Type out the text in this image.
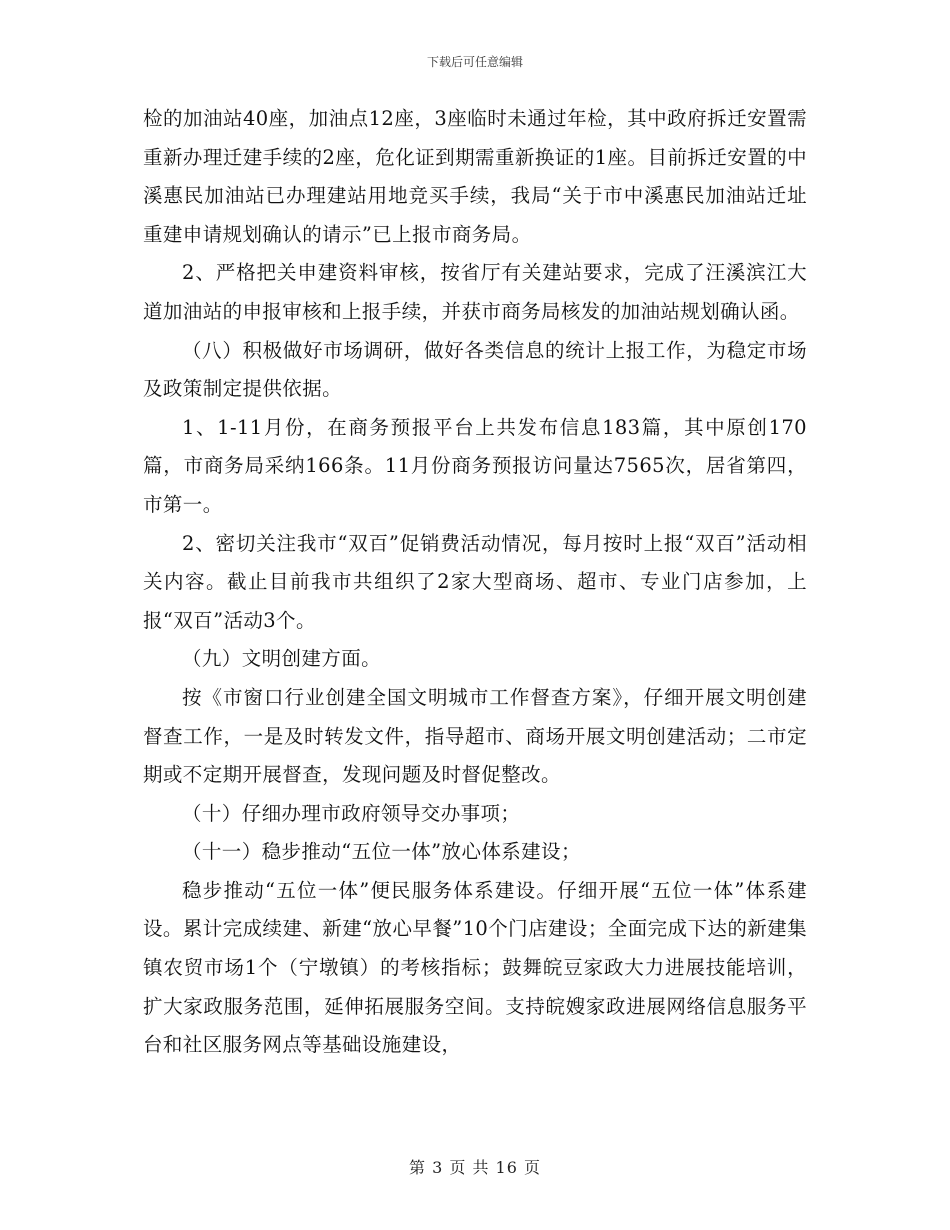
下载后可任意编辑

检的加油站40座，加油点12座，3座临时未通过年检，其中政府拆迁安置需重新办理迁建手续的2座，危化证到期需重新换证的1座。目前拆迁安置的中溪惠民加油站已办理建站用地竞买手续，我局“关于市中溪惠民加油站迁址重建申请规划确认的请示”已上报市商务局。

2、严格把关申建资料审核，按省厅有关建站要求，完成了汪溪滨江大道加油站的申报审核和上报手续，并获市商务局核发的加油站规划确认函。

（八）积极做好市场调研，做好各类信息的统计上报工作，为稳定市场及政策制定提供依据。

1、1-11月份，在商务预报平台上共发布信息183篇，其中原创170篇，市商务局采纳166条。11月份商务预报访问量达7565次，居省第四，市第一。

2、密切关注我市“双百”促销费活动情况，每月按时上报“双百”活动相关内容。截止目前我市共组织了2家大型商场、超市、专业门店参加，上报“双百”活动3个。

（九）文明创建方面。

按《市窗口行业创建全国文明城市工作督查方案》，仔细开展文明创建督查工作，一是及时转发文件，指导超市、商场开展文明创建活动；二市定期或不定期开展督查，发现问题及时督促整改。

（十）仔细办理市政府领导交办事项；

（十一）稳步推动“五位一体”放心体系建设；

稳步推动“五位一体”便民服务体系建设。仔细开展“五位一体”体系建设。累计完成续建、新建“放心早餐”10个门店建设；全面完成下达的新建集镇农贸市场1个（宁墩镇）的考核指标；鼓舞皖豆家政大力进展技能培训，扩大家政服务范围，延伸拓展服务空间。支持皖嫂家政进展网络信息服务平台和社区服务网点等基础设施建设，

第 3 页 共 16 页
